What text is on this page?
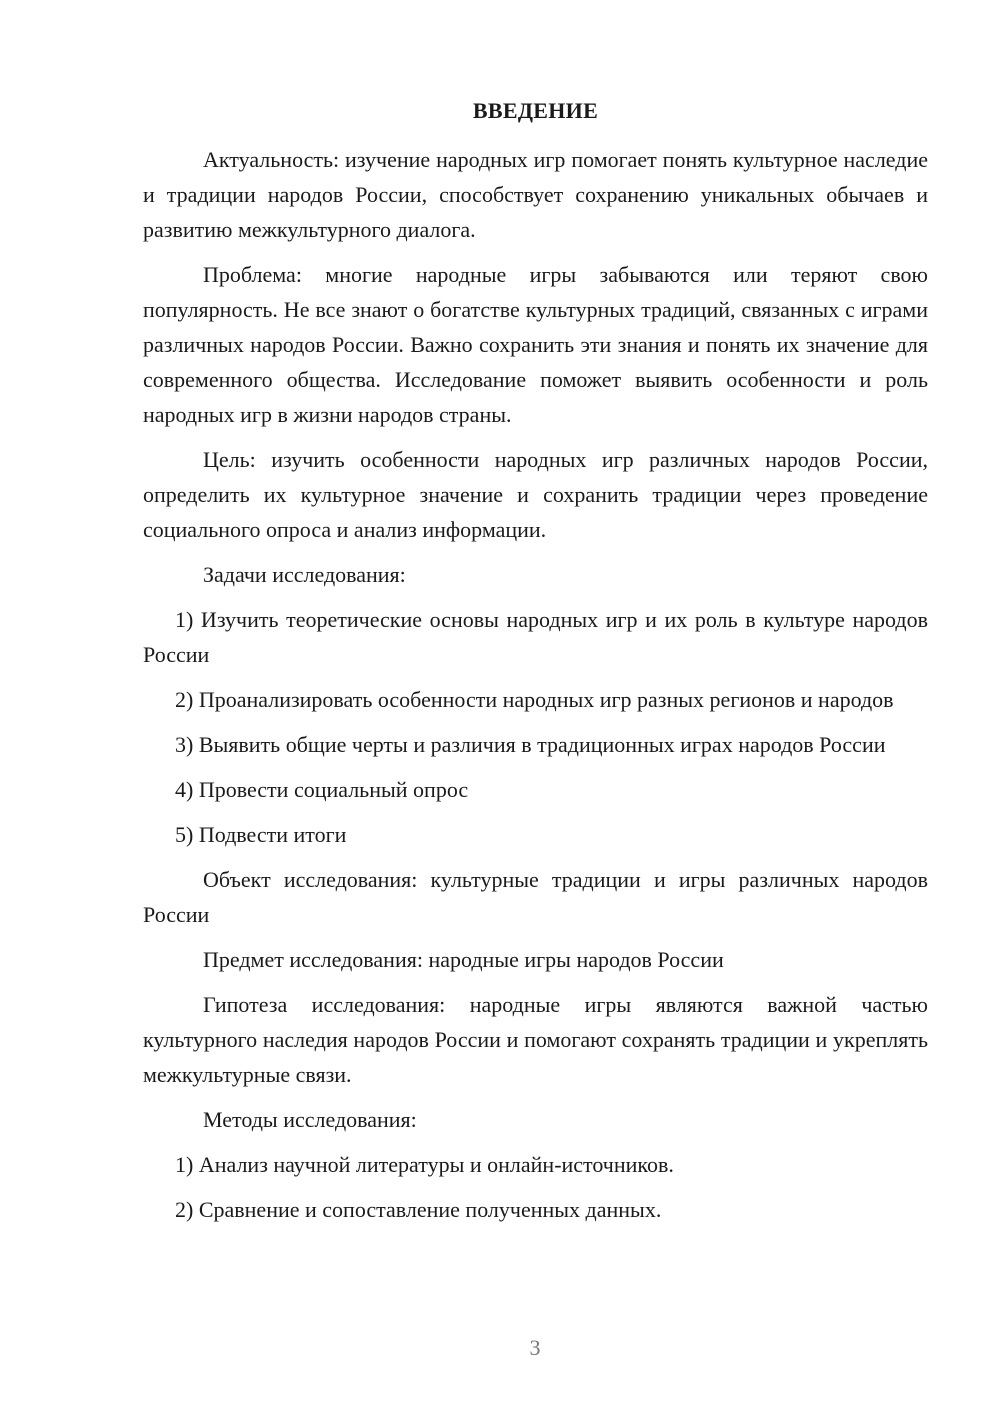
ВВЕДЕНИЕ

Актуальность: изучение народных игр помогает понять культурное наследие и традиции народов России, способствует сохранению уникальных обычаев и развитию межкультурного диалога.

Проблема: многие народные игры забываются или теряют свою популярность. Не все знают о богатстве культурных традиций, связанных с играми различных народов России. Важно сохранить эти знания и понять их значение для современного общества. Исследование поможет выявить особенности и роль народных игр в жизни народов страны.

Цель: изучить особенности народных игр различных народов России, определить их культурное значение и сохранить традиции через проведение социального опроса и анализ информации.

Задачи исследования:

1) Изучить теоретические основы народных игр и их роль в культуре народов России

2) Проанализировать особенности народных игр разных регионов и народов

3) Выявить общие черты и различия в традиционных играх народов России

4) Провести социальный опрос

5) Подвести итоги

Объект исследования: культурные традиции и игры различных народов России

Предмет исследования: народные игры народов России

Гипотеза исследования: народные игры являются важной частью культурного наследия народов России и помогают сохранять традиции и укреплять межкультурные связи.

Методы исследования:

1) Анализ научной литературы и онлайн-источников.

2) Сравнение и сопоставление полученных данных.

3
